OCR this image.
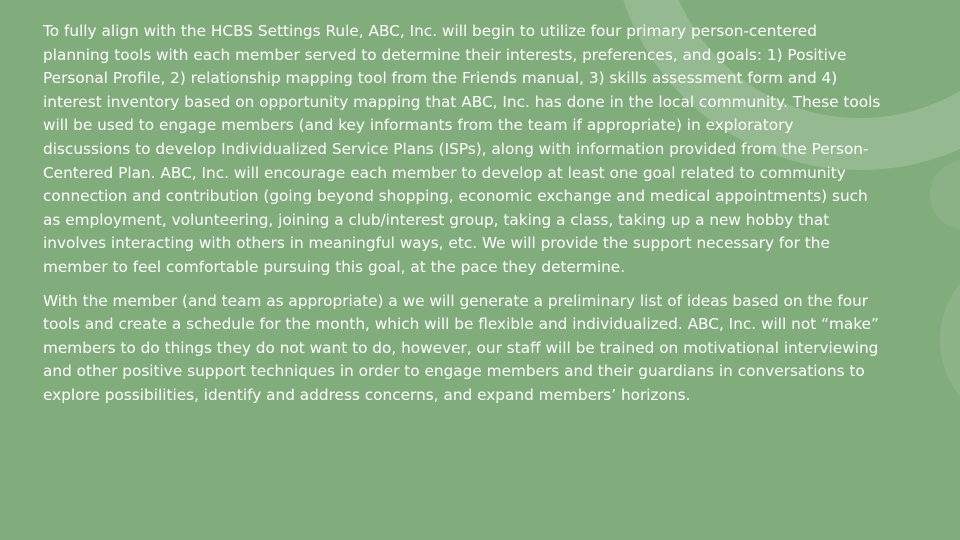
To fully align with the HCBS Settings Rule, ABC, Inc. will begin to utilize four primary person-centered planning tools with each member served to determine their interests, preferences, and goals: 1) Positive Personal Profile, 2) relationship mapping tool from the Friends manual, 3) skills assessment form and 4) interest inventory based on opportunity mapping that ABC, Inc. has done in the local community. These tools will be used to engage members (and key informants from the team if appropriate) in exploratory discussions to develop Individualized Service Plans (ISPs), along with information provided from the Person-Centered Plan. ABC, Inc. will encourage each member to develop at least one goal related to community connection and contribution (going beyond shopping, economic exchange and medical appointments) such as employment, volunteering, joining a club/interest group, taking a class, taking up a new hobby that involves interacting with others in meaningful ways, etc. We will provide the support necessary for the member to feel comfortable pursuing this goal, at the pace they determine.

With the member (and team as appropriate) a we will generate a preliminary list of ideas based on the four tools and create a schedule for the month, which will be flexible and individualized. ABC, Inc. will not “make” members to do things they do not want to do, however, our staff will be trained on motivational interviewing and other positive support techniques in order to engage members and their guardians in conversations to explore possibilities, identify and address concerns, and expand members’ horizons.
